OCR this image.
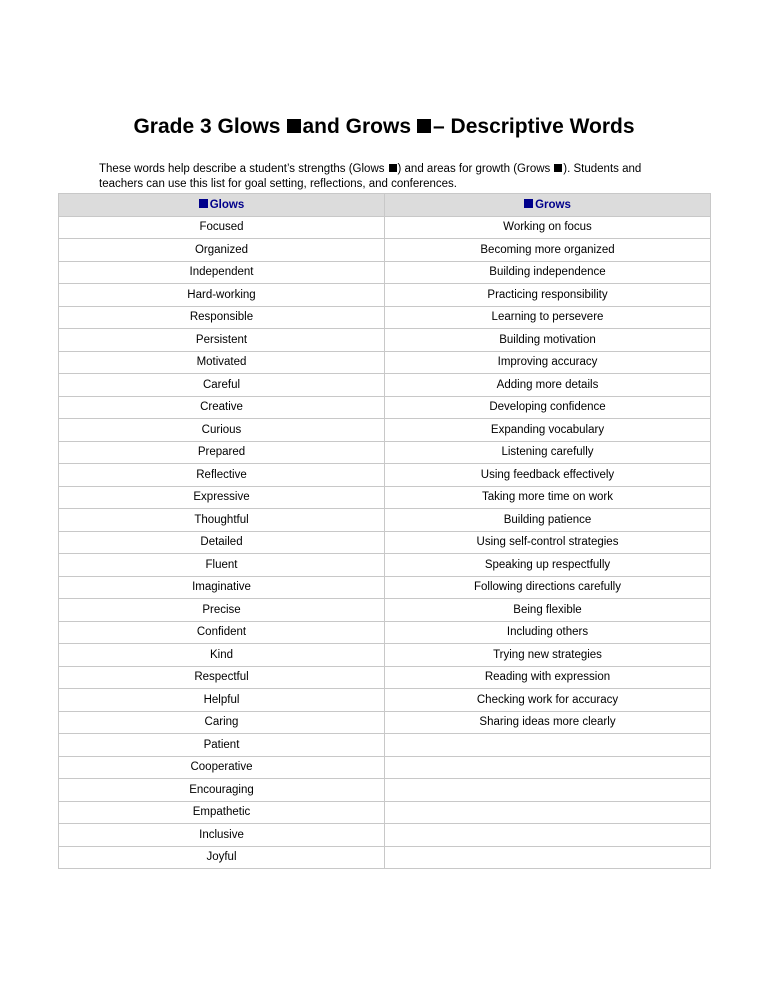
Grade 3 Glows and Grows – Descriptive Words

These words help describe a student’s strengths (Glows ) and areas for growth (Grows ). Students and teachers can use this list for goal setting, reflections, and conferences.

Glows	Grows
Focused	Working on focus
Organized	Becoming more organized
Independent	Building independence
Hard-working	Practicing responsibility
Responsible	Learning to persevere
Persistent	Building motivation
Motivated	Improving accuracy
Careful	Adding more details
Creative	Developing confidence
Curious	Expanding vocabulary
Prepared	Listening carefully
Reflective	Using feedback effectively
Expressive	Taking more time on work
Thoughtful	Building patience
Detailed	Using self-control strategies
Fluent	Speaking up respectfully
Imaginative	Following directions carefully
Precise	Being flexible
Confident	Including others
Kind	Trying new strategies
Respectful	Reading with expression
Helpful	Checking work for accuracy
Caring	Sharing ideas more clearly
Patient	
Cooperative	
Encouraging	
Empathetic	
Inclusive	
Joyful	
